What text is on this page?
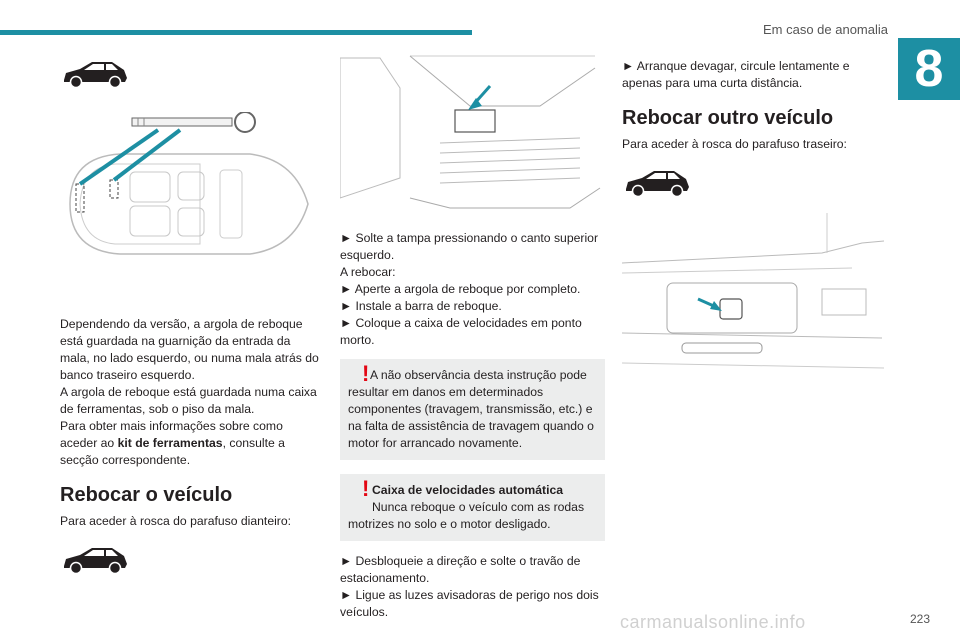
Em caso de anomalia
8

Dependendo da versão, a argola de reboque está guardada na guarnição da entrada da mala, no lado esquerdo, ou numa mala atrás do banco traseiro esquerdo.

A argola de reboque está guardada numa caixa de ferramentas, sob o piso da mala.

Para obter mais informações sobre como aceder ao kit de ferramentas, consulte a secção correspondente.

Rebocar o veículo

Para aceder à rosca do parafuso dianteiro:

► Solte a tampa pressionando o canto superior esquerdo.

A rebocar:

► Aperte a argola de reboque por completo.

► Instale a barra de reboque.

► Coloque a caixa de velocidades em ponto morto.

! A não observância desta instrução pode resultar em danos em determinados componentes (travagem, transmissão, etc.) e na falta de assistência de travagem quando o motor for arrancado novamente.

! Caixa de velocidades automática

Nunca reboque o veículo com as rodas motrizes no solo e o motor desligado.

► Desbloqueie a direção e solte o travão de estacionamento.

► Ligue as luzes avisadoras de perigo nos dois veículos.

► Arranque devagar, circule lentamente e apenas para uma curta distância.

Rebocar outro veículo

Para aceder à rosca do parafuso traseiro:

carmanualsonline.info	223
